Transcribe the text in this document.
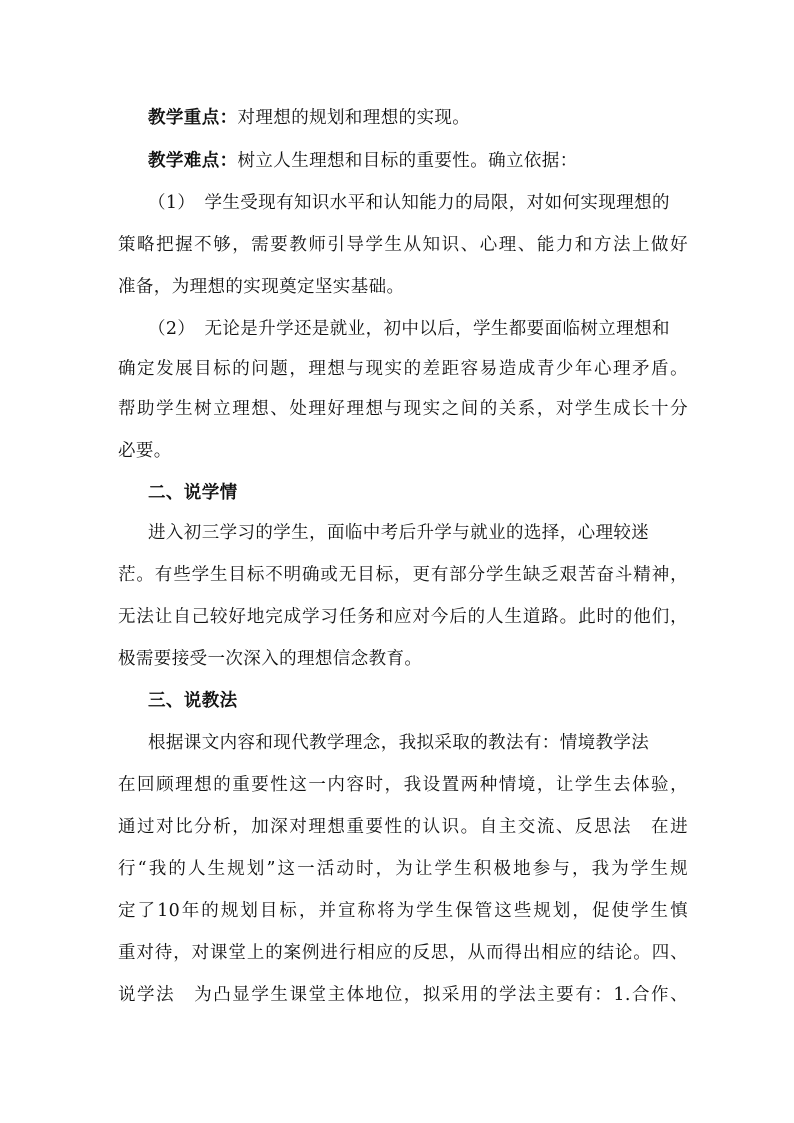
教学重点：对理想的规划和理想的实现。
教学难点：树立人生理想和目标的重要性。确立依据：
（1）　学生受现有知识水平和认知能力的局限，对如何实现理想的
策略把握不够，需要教师引导学生从知识、心理、能力和方法上做好
准备，为理想的实现奠定坚实基础。
（2）　无论是升学还是就业，初中以后，学生都要面临树立理想和
确定发展目标的问题，理想与现实的差距容易造成青少年心理矛盾。
帮助学生树立理想、处理好理想与现实之间的关系，对学生成长十分
必要。
二、说学情
进入初三学习的学生，面临中考后升学与就业的选择，心理较迷
茫。有些学生目标不明确或无目标，更有部分学生缺乏艰苦奋斗精神，
无法让自己较好地完成学习任务和应对今后的人生道路。此时的他们，
极需要接受一次深入的理想信念教育。
三、说教法
根据课文内容和现代教学理念，我拟采取的教法有：情境教学法
在回顾理想的重要性这一内容时，我设置两种情境，让学生去体验，
通过对比分析，加深对理想重要性的认识。自主交流、反思法　在进
行“我的人生规划”这一活动时，为让学生积极地参与，我为学生规
定了10年的规划目标，并宣称将为学生保管这些规划，促使学生慎
重对待，对课堂上的案例进行相应的反思，从而得出相应的结论。四、
说学法　为凸显学生课堂主体地位，拟采用的学法主要有：1.合作、
